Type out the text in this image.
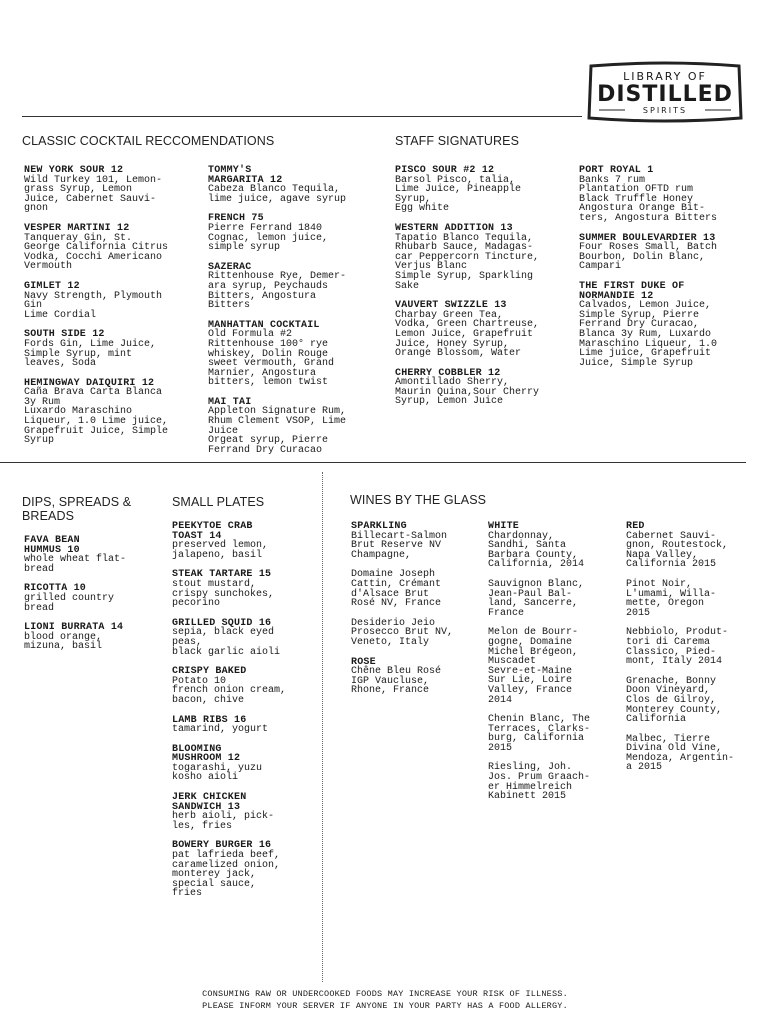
LIBRARY OF
DISTILLED
SPIRITS
CLASSIC COCKTAIL RECCOMENDATIONS	STAFF SIGNATURES
DIPS, SPREADS &
BREADS
SMALL PLATES	WINES BY THE GLASS
NEW YORK SOUR 12
Wild Turkey 101, Lemon-
grass Syrup, Lemon
Juice, Cabernet Sauvi-
gnon
VESPER MARTINI 12
Tanqueray Gin, St.
George California Citrus
Vodka, Cocchi Americano
Vermouth
GIMLET 12
Navy Strength, Plymouth
Gin
Lime Cordial
SOUTH SIDE 12
Fords Gin, Lime Juice,
Simple Syrup, mint
leaves, Soda
HEMINGWAY DAIQUIRI 12
Caña Brava Carta Blanca
3y Rum
Luxardo Maraschino
Liqueur, 1.0 Lime juice,
Grapefruit Juice, Simple
Syrup
TOMMY'S
MARGARITA 12
Cabeza Blanco Tequila,
lime juice, agave syrup
FRENCH 75
Pierre Ferrand 1840
Cognac, lemon juice,
simple syrup
SAZERAC
Rittenhouse Rye, Demer-
ara syrup, Peychauds
Bitters, Angostura
Bitters
MANHATTAN COCKTAIL
Old Formula #2
Rittenhouse 100° rye
whiskey, Dolin Rouge
sweet vermouth, Grand
Marnier, Angostura
bitters, lemon twist
MAI TAI
Appleton Signature Rum,
Rhum Clement VSOP, Lime
Juice
Orgeat syrup, Pierre
Ferrand Dry Curacao
PISCO SOUR #2 12
Barsol Pisco, talia,
Lime Juice, Pineapple
Syrup,
Egg white
WESTERN ADDITION 13
Tapatio Blanco Tequila,
Rhubarb Sauce, Madagas-
car Peppercorn Tincture,
Verjus Blanc
Simple Syrup, Sparkling
Sake
VAUVERT SWIZZLE 13
Charbay Green Tea,
Vodka, Green Chartreuse,
Lemon Juice, Grapefruit
Juice, Honey Syrup,
Orange Blossom, Water
CHERRY COBBLER 12
Amontillado Sherry,
Maurin Quina,Sour Cherry
Syrup, Lemon Juice
PORT ROYAL 1
Banks 7 rum
Plantation OFTD rum
Black Truffle Honey
Angostura Orange Bit-
ters, Angostura Bitters
SUMMER BOULEVARDIER 13
Four Roses Small, Batch
Bourbon, Dolin Blanc,
Campari
THE FIRST DUKE OF
NORMANDIE 12
Calvados, Lemon Juice,
Simple Syrup, Pierre
Ferrand Dry Curacao,
Blanca 3y Rum, Luxardo
Maraschino Liqueur, 1.0
Lime juice, Grapefruit
Juice, Simple Syrup
FAVA BEAN
HUMMUS 10
whole wheat flat-
bread
RICOTTA 10
grilled country
bread
LIONI BURRATA 14
blood orange,
mizuna, basil
PEEKYTOE CRAB
TOAST 14
preserved lemon,
jalapeno, basil
STEAK TARTARE 15
stout mustard,
crispy sunchokes,
pecorino
GRILLED SQUID 16
sepia, black eyed
peas,
black garlic aioli
CRISPY BAKED
Potato 10
french onion cream,
bacon, chive
LAMB RIBS 16
tamarind, yogurt
BLOOMING
MUSHROOM 12
togarashi, yuzu
kosho aioli
JERK CHICKEN
SANDWICH 13
herb aioli, pick-
les, fries
BOWERY BURGER 16
pat lafrieda beef,
caramelized onion,
monterey jack,
special sauce,
fries
SPARKLING
Billecart-Salmon
Brut Reserve NV
Champagne,
Domaine Joseph
Cattin, Crémant
d'Alsace Brut
Rosé NV, France
Desiderio Jeio
Prosecco Brut NV,
Veneto, Italy
ROSE
Chêne Bleu Rosé
IGP Vaucluse,
Rhone, France
WHITE
Chardonnay,
Sandhi, Santa
Barbara County,
California, 2014
Sauvignon Blanc,
Jean-Paul Bal-
land, Sancerre,
France
Melon de Bourr-
gogne, Domaine
Michel Brégeon,
Muscadet
Sevre-et-Maine
Sur Lie, Loire
Valley, France
2014
Chenin Blanc, The
Terraces, Clarks-
burg, California
2015
Riesling, Joh.
Jos. Prum Graach-
er Himmelreich
Kabinett 2015
RED
Cabernet Sauvi-
gnon, Routestock,
Napa Valley,
California 2015
Pinot Noir,
L'umami, Willa-
mette, Oregon
2015
Nebbiolo, Produt-
tori di Carema
Classico, Pied-
mont, Italy 2014
Grenache, Bonny
Doon Vineyard,
Clos de Gilroy,
Monterey County,
California
Malbec, Tierre
Divina Old Vine,
Mendoza, Argentin-
a 2015
CONSUMING RAW OR UNDERCOOKED FOODS MAY INCREASE YOUR RISK OF ILLNESS.
PLEASE INFORM YOUR SERVER IF ANYONE IN YOUR PARTY HAS A FOOD ALLERGY.
